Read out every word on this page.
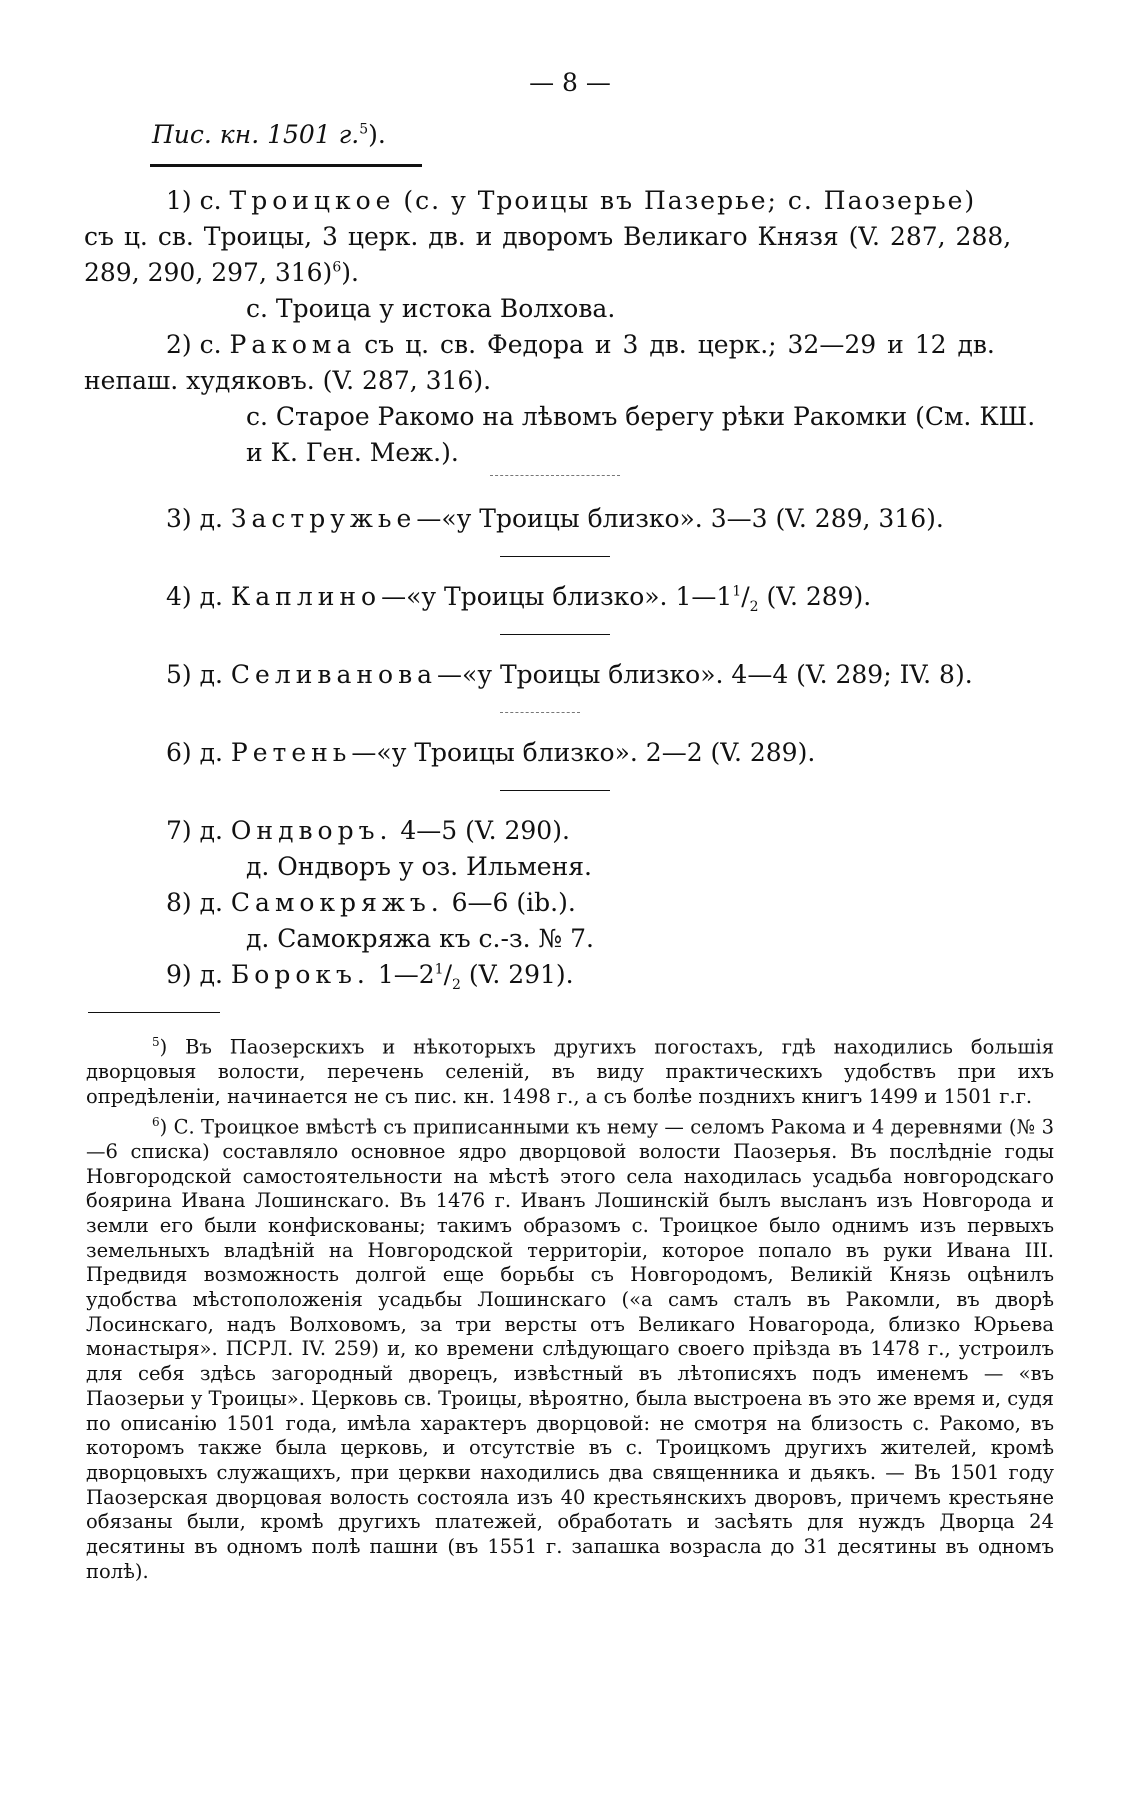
— 8 —
Пис. кн. 1501 г.$^5$).
1) с. Троицкое (с. у Троицы въ Пазерье; с. Паозерье)
съ ц. св. Троицы, 3 церк. дв. и дворомъ Великаго Князя (V. 287, 288,
289, 290, 297, 316)$^6$).
с. Троица у истока Волхова.
2) с. Ракома съ ц. св. Федора и 3 дв. церк.; 32—29 и 12 дв.
непаш. худяковъ. (V. 287, 316).
с. Старое Ракомо на лѣвомъ берегу рѣки Ракомки (См. КШ.
и К. Ген. Меж.).
3) д. Застружье—«у Троицы близко». 3—3 (V. 289, 316).
4) д. Каплино—«у Троицы близко». $1—1^1/_2$ (V. 289).
5) д. Селиванова—«у Троицы близко». 4—4 (V. 289; IV. 8).
6) д. Ретень—«у Троицы близко». 2—2 (V. 289).
7) д. Ондворъ. 4—5 (V. 290).
д. Ондворъ у оз. Ильменя.
8) д. Самокряжъ. 6—6 (ib.).
д. Самокряжа къ с.-з. № 7.
9) д. Борокъ. $1—2^1/_2$ (V. 291).

$^5$) Въ Паозерскихъ и нѣкоторыхъ другихъ погостахъ, гдѣ находились большія дворцовыя волости, перечень селеній, въ виду практическихъ удобствъ при ихъ опредѣленіи, начинается не съ пис. кн. 1498 г., а съ болѣе позднихъ книгъ 1499 и 1501 г.г.

$^6$) С. Троицкое вмѣстѣ съ приписанными къ нему — селомъ Ракома и 4 деревнями (№ 3—6 списка) составляло основное ядро дворцовой волости Паозерья. Въ послѣдніе годы Новгородской самостоятельности на мѣстѣ этого села находилась усадьба новгородскаго боярина Ивана Лошинскаго. Въ 1476 г. Иванъ Лошинскій былъ высланъ изъ Новгорода и земли его были конфискованы; такимъ образомъ с. Троицкое было однимъ изъ первыхъ земельныхъ владѣній на Новгородской территоріи, которое попало въ руки Ивана III. Предвидя возможность долгой еще борьбы съ Новгородомъ, Великій Князь оцѣнилъ удобства мѣстоположенія усадьбы Лошинскаго («а самъ сталъ въ Ракомли, въ дворѣ Лосинскаго, надъ Волховомъ, за три версты отъ Великаго Новагорода, близко Юрьева монастыря». ПСРЛ. IV. 259) и, ко времени слѣдующаго своего пріѣзда въ 1478 г., устроилъ для себя здѣсь загородный дворецъ, извѣстный въ лѣтописяхъ подъ именемъ — «въ Паозерьи у Троицы». Церковь св. Троицы, вѣроятно, была выстроена въ это же время и, судя по описанію 1501 года, имѣла характеръ дворцовой: не смотря на близость с. Ракомо, въ которомъ также была церковь, и отсутствіе въ с. Троицкомъ другихъ жителей, кромѣ дворцовыхъ служащихъ, при церкви находились два священника и дьякъ. — Въ 1501 году Паозерская дворцовая волость состояла изъ 40 крестьянскихъ дворовъ, причемъ крестьяне обязаны были, кромѣ другихъ платежей, обработать и засѣять для нуждъ Дворца 24 десятины въ одномъ полѣ пашни (въ 1551 г. запашка возрасла до 31 десятины въ одномъ полѣ).
